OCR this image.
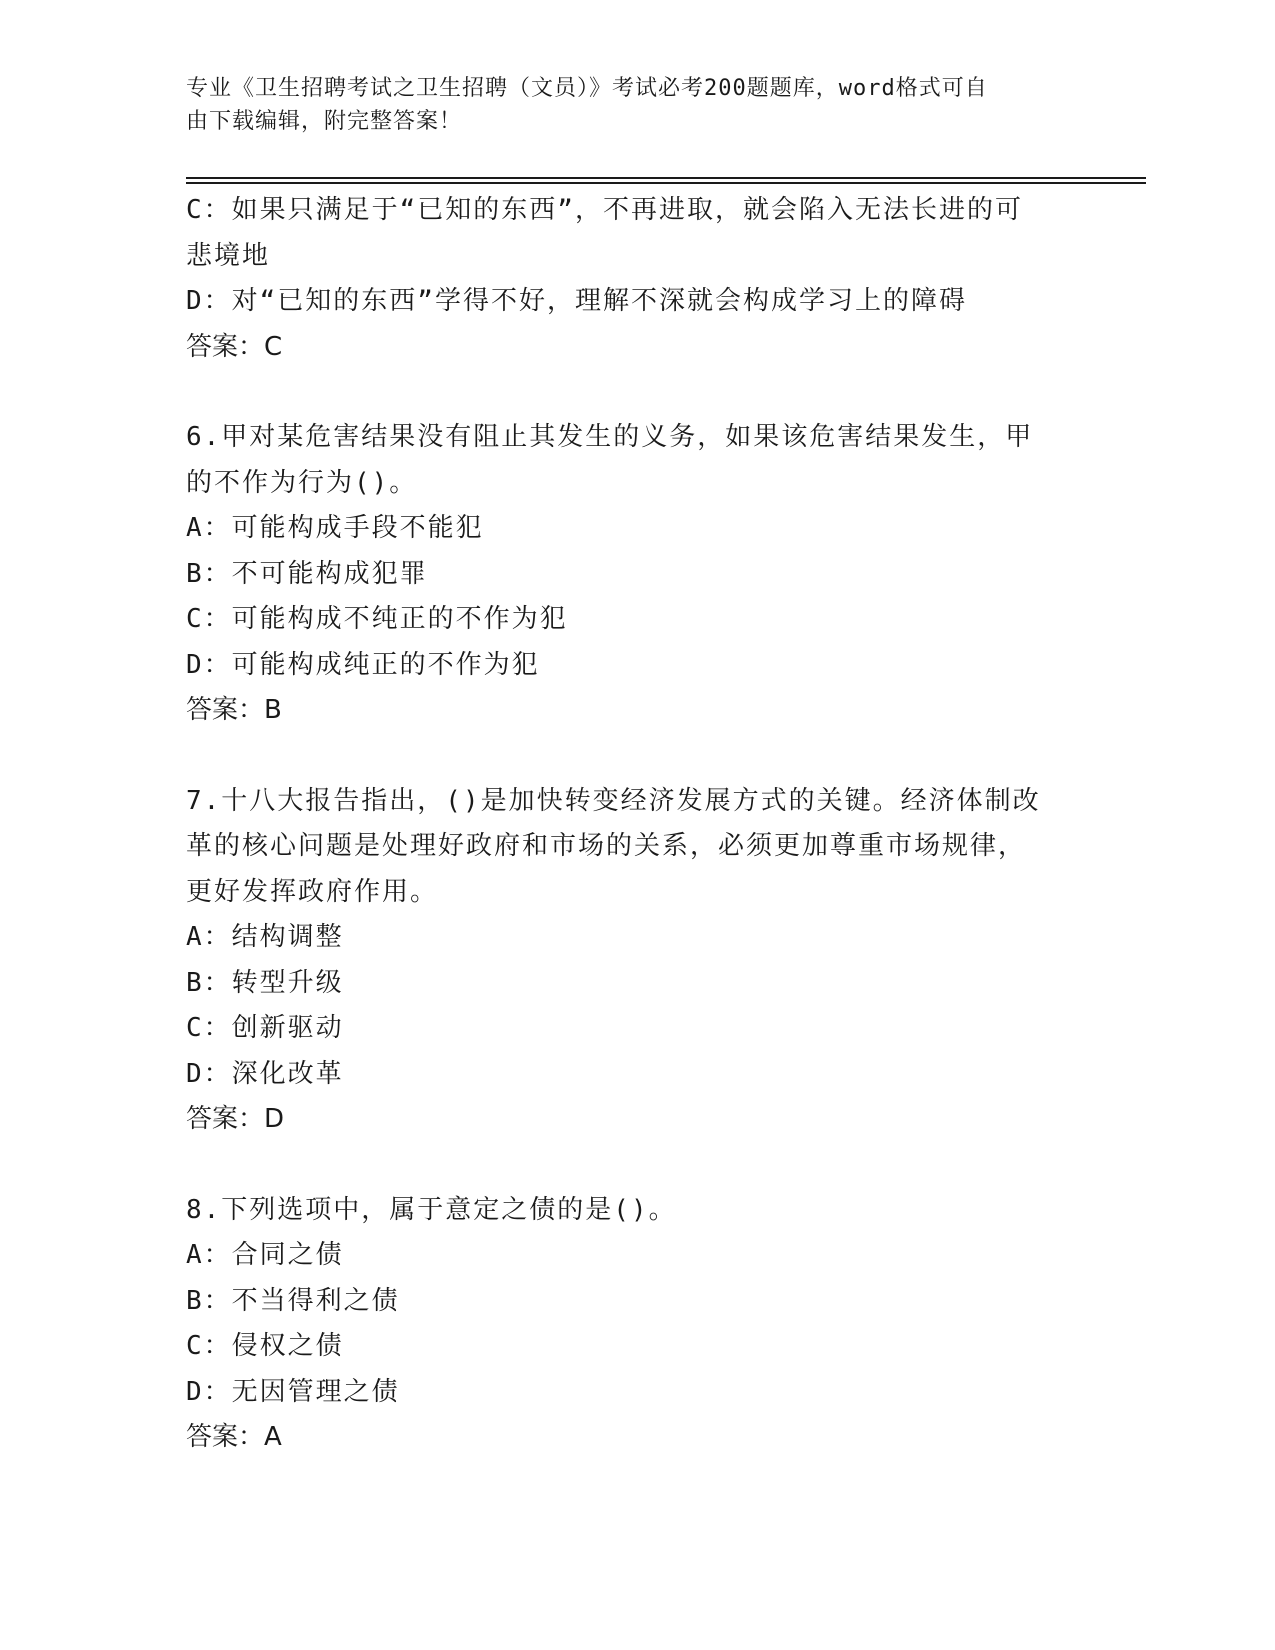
专业《卫生招聘考试之卫生招聘（文员）》考试必考200题题库，word格式可自
由下载编辑，附完整答案！
C：如果只满足于“已知的东西”，不再进取，就会陷入无法长进的可
悲境地
D：对“已知的东西”学得不好，理解不深就会构成学习上的障碍
答案：C
6.甲对某危害结果没有阻止其发生的义务，如果该危害结果发生，甲
的不作为行为()。
A：可能构成手段不能犯
B：不可能构成犯罪
C：可能构成不纯正的不作为犯
D：可能构成纯正的不作为犯
答案：B
7.十八大报告指出，()是加快转变经济发展方式的关键。经济体制改
革的核心问题是处理好政府和市场的关系，必须更加尊重市场规律，
更好发挥政府作用。
A：结构调整
B：转型升级
C：创新驱动
D：深化改革
答案：D
8.下列选项中，属于意定之债的是()。
A：合同之债
B：不当得利之债
C：侵权之债
D：无因管理之债
答案：A
